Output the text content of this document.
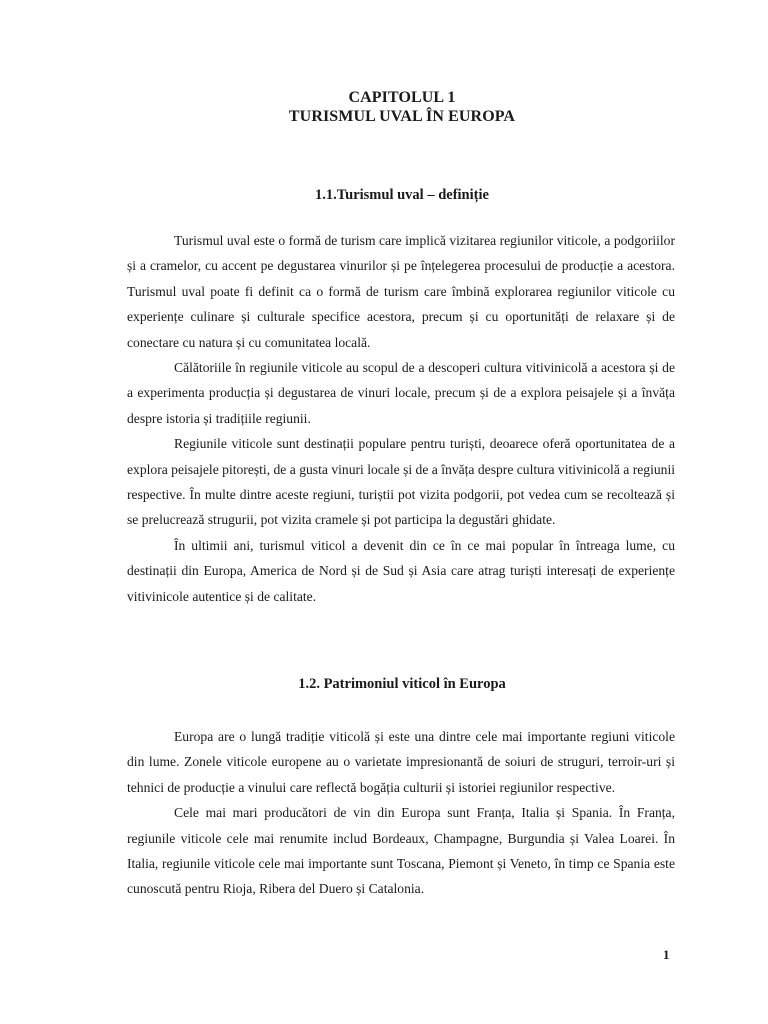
CAPITOLUL 1
TURISMUL UVAL ÎN EUROPA
1.1.Turismul uval – definiție

Turismul uval este o formă de turism care implică vizitarea regiunilor viticole, a podgoriilor și a cramelor, cu accent pe degustarea vinurilor și pe înțelegerea procesului de producție a acestora. Turismul uval poate fi definit ca o formă de turism care îmbină explorarea regiunilor viticole cu experiențe culinare și culturale specifice acestora, precum și cu oportunități de relaxare și de conectare cu natura și cu comunitatea locală.

Călătoriile în regiunile viticole au scopul de a descoperi cultura vitivinicolă a acestora și de a experimenta producția și degustarea de vinuri locale, precum și de a explora peisajele și a învăța despre istoria și tradițiile regiunii.

Regiunile viticole sunt destinații populare pentru turiști, deoarece oferă oportunitatea de a explora peisajele pitorești, de a gusta vinuri locale și de a învăța despre cultura vitivinicolă a regiunii respective. În multe dintre aceste regiuni, turiștii pot vizita podgorii, pot vedea cum se recoltează și se prelucrează strugurii, pot vizita cramele și pot participa la degustări ghidate.

În ultimii ani, turismul viticol a devenit din ce în ce mai popular în întreaga lume, cu destinații din Europa, America de Nord și de Sud și Asia care atrag turiști interesați de experiențe vitivinicole autentice și de calitate.

1.2. Patrimoniul viticol în Europa

Europa are o lungă tradiție viticolă și este una dintre cele mai importante regiuni viticole din lume. Zonele viticole europene au o varietate impresionantă de soiuri de struguri, terroir-uri și tehnici de producție a vinului care reflectă bogăția culturii și istoriei regiunilor respective.

Cele mai mari producători de vin din Europa sunt Franța, Italia și Spania. În Franța, regiunile viticole cele mai renumite includ Bordeaux, Champagne, Burgundia și Valea Loarei. În Italia, regiunile viticole cele mai importante sunt Toscana, Piemont și Veneto, în timp ce Spania este cunoscută pentru Rioja, Ribera del Duero și Catalonia.

1
